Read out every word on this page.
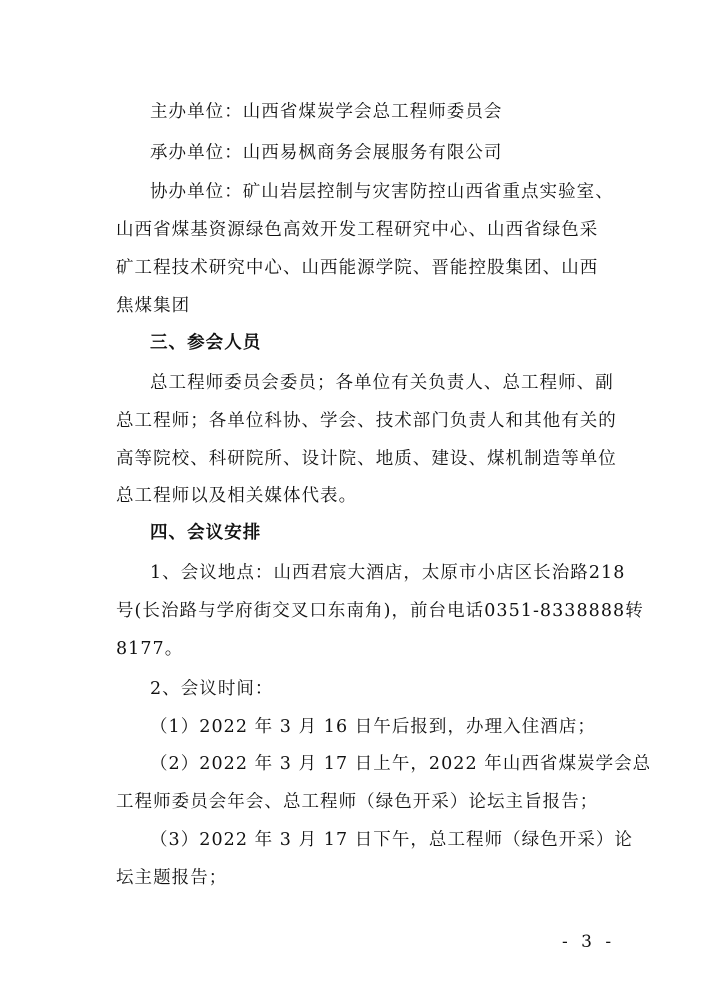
主办单位：山西省煤炭学会总工程师委员会
承办单位：山西易枫商务会展服务有限公司
协办单位：矿山岩层控制与灾害防控山西省重点实验室、
山西省煤基资源绿色高效开发工程研究中心、山西省绿色采
矿工程技术研究中心、山西能源学院、晋能控股集团、山西
焦煤集团
三、参会人员
总工程师委员会委员；各单位有关负责人、总工程师、副
总工程师；各单位科协、学会、技术部门负责人和其他有关的
高等院校、科研院所、设计院、地质、建设、煤机制造等单位
总工程师以及相关媒体代表。
四、会议安排
1、会议地点：山西君宸大酒店，太原市小店区长治路218
号(长治路与学府街交叉口东南角)，前台电话0351-8338888转
8177。
2、会议时间：
（1）2022 年 3 月 16 日午后报到，办理入住酒店；
（2）2022 年 3 月 17 日上午，2022 年山西省煤炭学会总
工程师委员会年会、总工程师（绿色开采）论坛主旨报告；
（3）2022 年 3 月 17 日下午，总工程师（绿色开采）论
坛主题报告；
- 3 -
